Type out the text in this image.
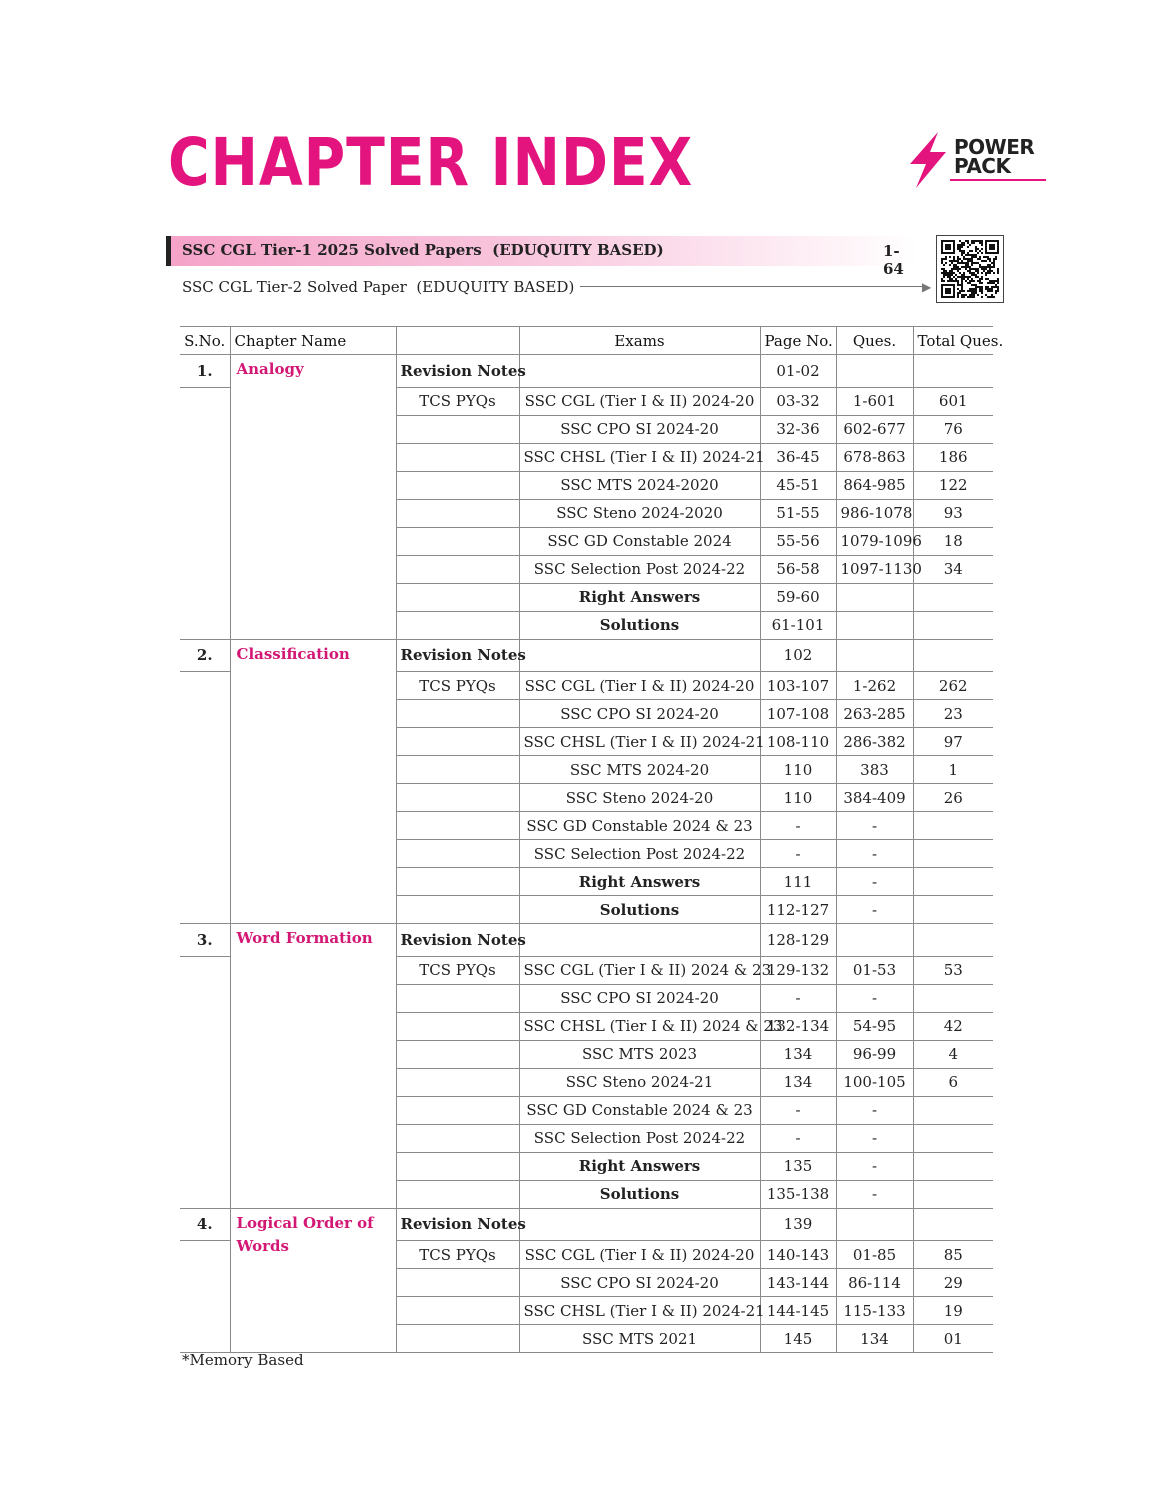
CHAPTER INDEX	POWER
PACK
SSC CGL Tier-1 2025 Solved Papers  (EDUQUITY BASED)	1-64
SSC CGL Tier-2 Solved Paper  (EDUQUITY BASED)	▶
S.No.	Chapter Name		Exams	Page No.	Ques.	Total Ques.
1.	Analogy	Revision Notes		01-02		
		TCS PYQs	SSC CGL (Tier I & II) 2024-20	03-32	1-601	601
			SSC CPO SI 2024-20	32-36	602-677	76
			SSC CHSL (Tier I & II) 2024-21	36-45	678-863	186
			SSC MTS 2024-2020	45-51	864-985	122
			SSC Steno 2024-2020	51-55	986-1078	93
			SSC GD Constable 2024	55-56	1079-1096	18
			SSC Selection Post 2024-22	56-58	1097-1130	34
			Right Answers	59-60		
			Solutions	61-101		
2.	Classification	Revision Notes		102		
		TCS PYQs	SSC CGL (Tier I & II) 2024-20	103-107	1-262	262
			SSC CPO SI 2024-20	107-108	263-285	23
			SSC CHSL (Tier I & II) 2024-21	108-110	286-382	97
			SSC MTS 2024-20	110	383	1
			SSC Steno 2024-20	110	384-409	26
			SSC GD Constable 2024 & 23	-	-	
			SSC Selection Post 2024-22	-	-	
			Right Answers	111	-	
			Solutions	112-127	-	
3.	Word Formation	Revision Notes		128-129		
		TCS PYQs	SSC CGL (Tier I & II) 2024 & 23	129-132	01-53	53
			SSC CPO SI 2024-20	-	-	
			SSC CHSL (Tier I & II) 2024 & 23	132-134	54-95	42
			SSC MTS 2023	134	96-99	4
			SSC Steno 2024-21	134	100-105	6
			SSC GD Constable 2024 & 23	-	-	
			SSC Selection Post 2024-22	-	-	
			Right Answers	135	-	
			Solutions	135-138	-	
4.	Logical Order of Words	Revision Notes		139		
		TCS PYQs	SSC CGL (Tier I & II) 2024-20	140-143	01-85	85
			SSC CPO SI 2024-20	143-144	86-114	29
			SSC CHSL (Tier I & II) 2024-21	144-145	115-133	19
			SSC MTS 2021	145	134	01
*Memory Based
